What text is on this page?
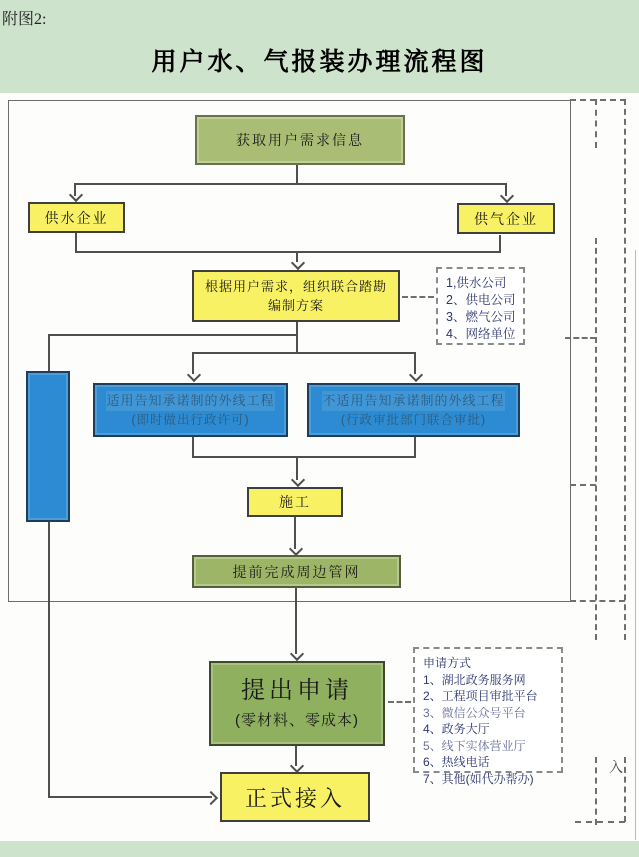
附图2:
用户水、气报装办理流程图
入
获取用户需求信息
供水企业	供气企业
根据用户需求，组织联合踏勘
编制方案
1,供水公司
2、供电公司
3、燃气公司
4、网络单位
适用告知承诺制的外线工程
(即时做出行政许可)
不适用告知承诺制的外线工程
(行政审批部门联合审批)
施工
提前完成周边管网
提出申请
(零材料、零成本)
申请方式
1、湖北政务服务网
2、工程项目审批平台
3、微信公众号平台
4、政务大厅
5、线下实体营业厅
6、热线电话
7、其他(如代办帮办)
正式接入
